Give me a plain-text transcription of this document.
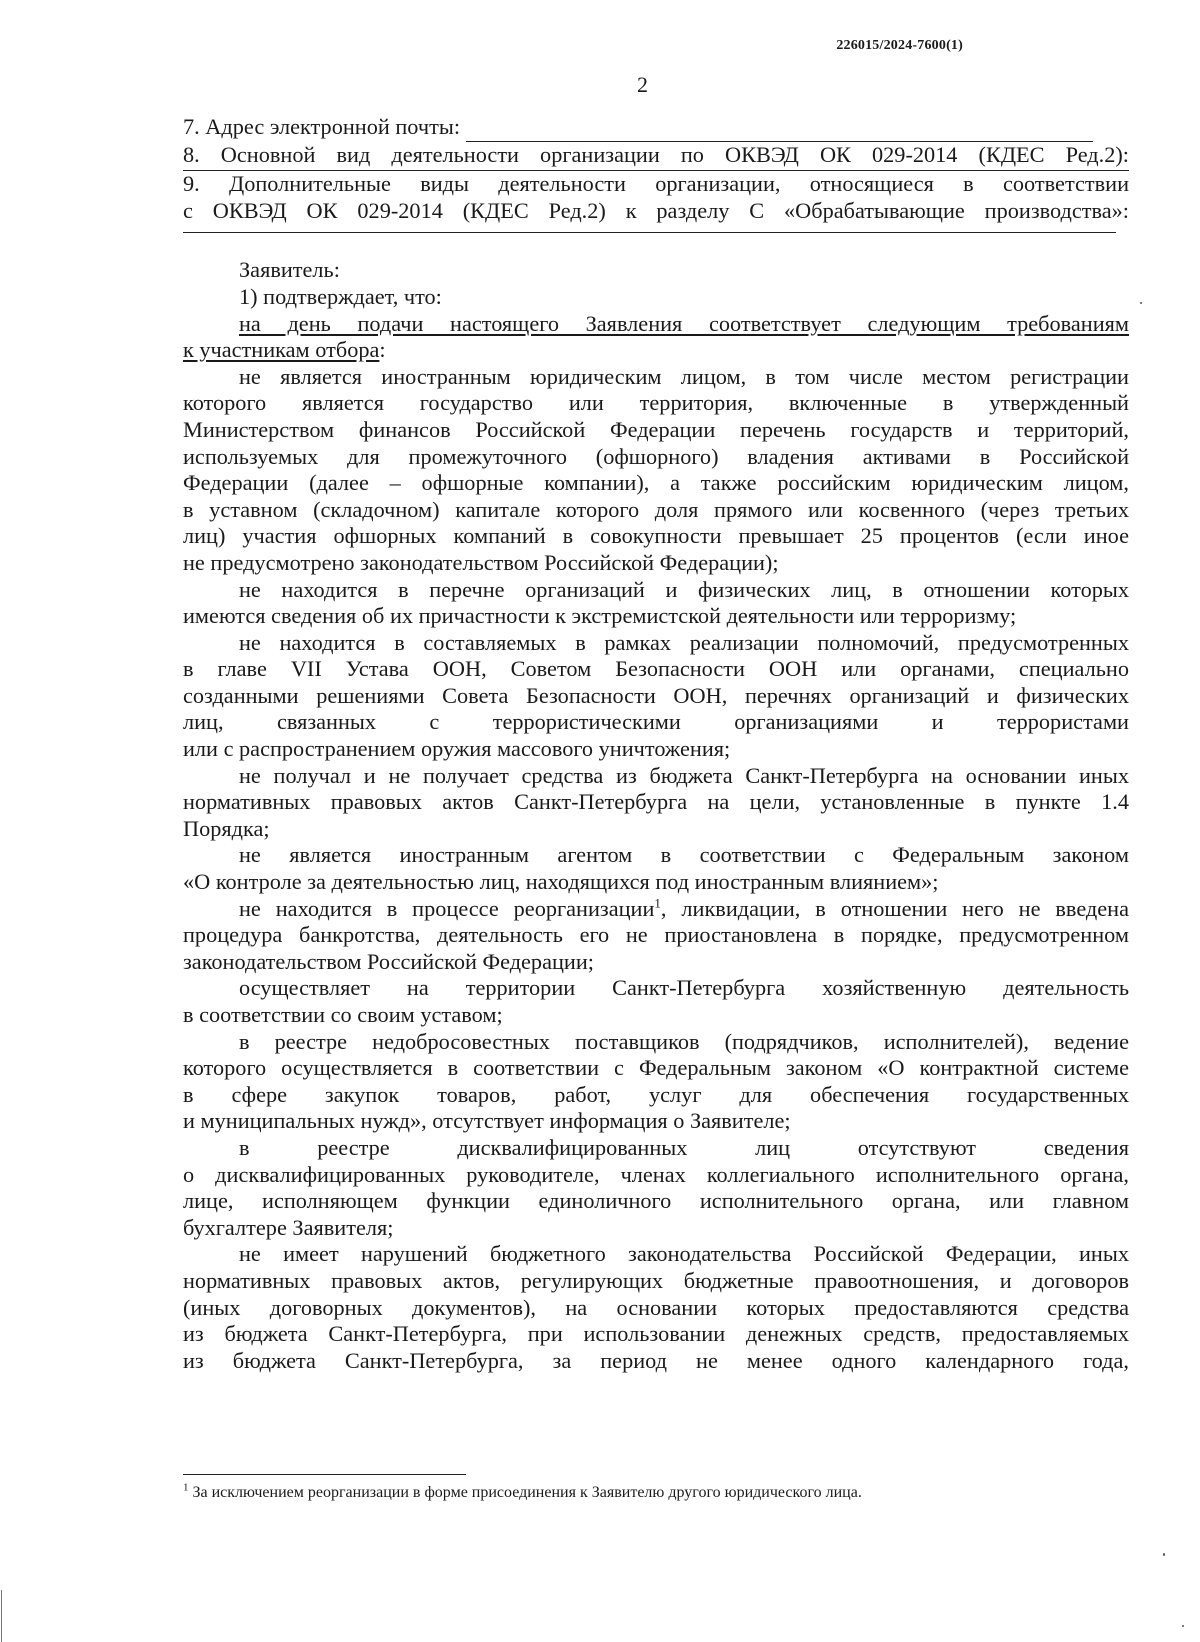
226015/2024-7600(1)
2
7. Адрес электронной почты:
8. Основной вид деятельности организации по ОКВЭД ОК 029-2014 (КДЕС Ред.2):
9. Дополнительные виды деятельности организации, относящиеся в соответствии
с ОКВЭД ОК 029-2014 (КДЕС Ред.2) к разделу С «Обрабатывающие производства»:
Заявитель:
1) подтверждает, что:
на день подачи настоящего Заявления соответствует следующим требованиям
к участникам отбора:
не является иностранным юридическим лицом, в том числе местом регистрации
которого является государство или территория, включенные в утвержденный
Министерством финансов Российской Федерации перечень государств и территорий,
используемых для промежуточного (офшорного) владения активами в Российской
Федерации (далее – офшорные компании), а также российским юридическим лицом,
в уставном (складочном) капитале которого доля прямого или косвенного (через третьих
лиц) участия офшорных компаний в совокупности превышает 25 процентов (если иное
не предусмотрено законодательством Российской Федерации);
не находится в перечне организаций и физических лиц, в отношении которых
имеются сведения об их причастности к экстремистской деятельности или терроризму;
не находится в составляемых в рамках реализации полномочий, предусмотренных
в главе VII Устава ООН, Советом Безопасности ООН или органами, специально
созданными решениями Совета Безопасности ООН, перечнях организаций и физических
лиц, связанных с террористическими организациями и террористами
или с распространением оружия массового уничтожения;
не получал и не получает средства из бюджета Санкт-Петербурга на основании иных
нормативных правовых актов Санкт-Петербурга на цели, установленные в пункте 1.4
Порядка;
не является иностранным агентом в соответствии с Федеральным законом
«О контроле за деятельностью лиц, находящихся под иностранным влиянием»;
не находится в процессе реорганизации$^1$, ликвидации, в отношении него не введена
процедура банкротства, деятельность его не приостановлена в порядке, предусмотренном
законодательством Российской Федерации;
осуществляет на территории Санкт-Петербурга хозяйственную деятельность
в соответствии со своим уставом;
в реестре недобросовестных поставщиков (подрядчиков, исполнителей), ведение
которого осуществляется в соответствии с Федеральным законом «О контрактной системе
в сфере закупок товаров, работ, услуг для обеспечения государственных
и муниципальных нужд», отсутствует информация о Заявителе;
в реестре дисквалифицированных лиц отсутствуют сведения
о дисквалифицированных руководителе, членах коллегиального исполнительного органа,
лице, исполняющем функции единоличного исполнительного органа, или главном
бухгалтере Заявителя;
не имеет нарушений бюджетного законодательства Российской Федерации, иных
нормативных правовых актов, регулирующих бюджетные правоотношения, и договоров
(иных договорных документов), на основании которых предоставляются средства
из бюджета Санкт-Петербурга, при использовании денежных средств, предоставляемых
из бюджета Санкт-Петербурга, за период не менее одного календарного года,
$^1$ За исключением реорганизации в форме присоединения к Заявителю другого юридического лица.
